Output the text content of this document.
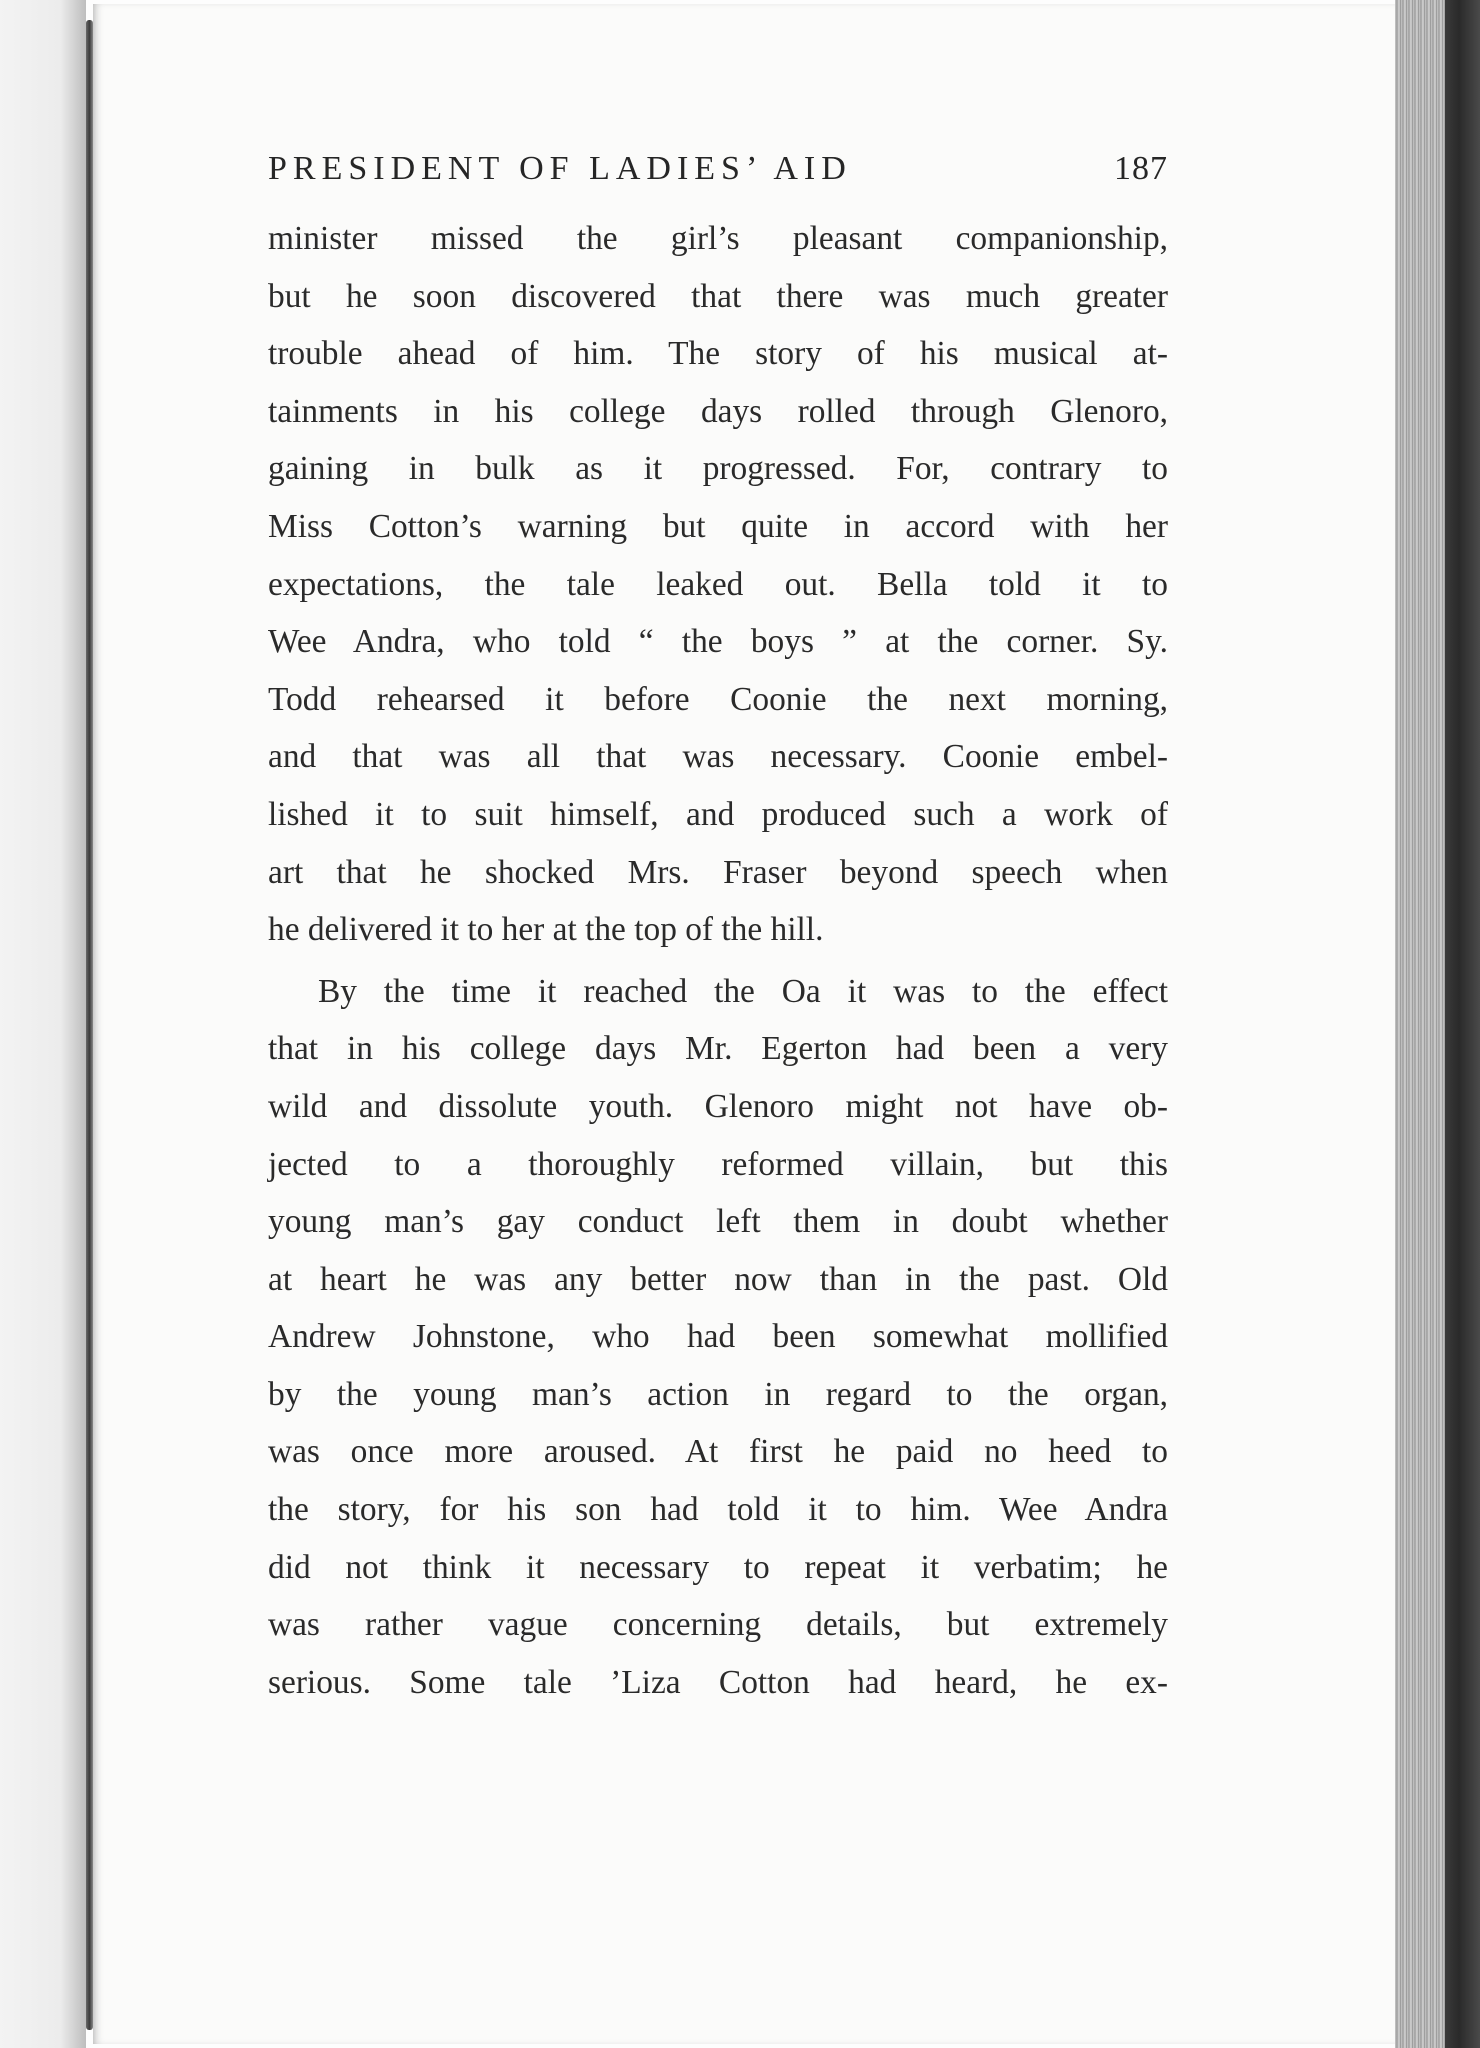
PRESIDENT OF LADIES’ AID	187
minister missed the girl’s pleasant companionship,
but he soon discovered that there was much greater
trouble ahead of him. The story of his musical at-
tainments in his college days rolled through Glenoro,
gaining in bulk as it progressed. For, contrary to
Miss Cotton’s warning but quite in accord with her
expectations, the tale leaked out. Bella told it to
Wee Andra, who told “ the boys ” at the corner. Sy.
Todd rehearsed it before Coonie the next morning,
and that was all that was necessary. Coonie embel-
lished it to suit himself, and produced such a work of
art that he shocked Mrs. Fraser beyond speech when
he delivered it to her at the top of the hill.
By the time it reached the Oa it was to the effect
that in his college days Mr. Egerton had been a very
wild and dissolute youth. Glenoro might not have ob-
jected to a thoroughly reformed villain, but this
young man’s gay conduct left them in doubt whether
at heart he was any better now than in the past. Old
Andrew Johnstone, who had been somewhat mollified
by the young man’s action in regard to the organ,
was once more aroused. At first he paid no heed to
the story, for his son had told it to him. Wee Andra
did not think it necessary to repeat it verbatim; he
was rather vague concerning details, but extremely
serious. Some tale ’Liza Cotton had heard, he ex-
